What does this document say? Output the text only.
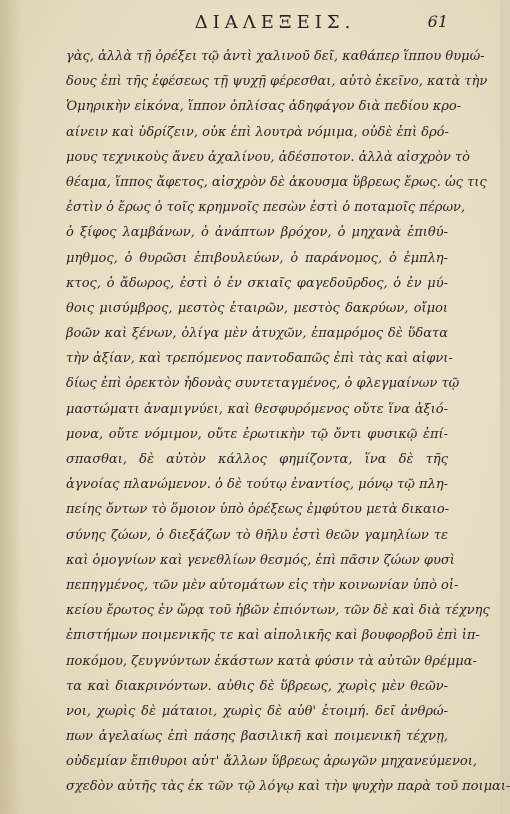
ΔΙΑΛΕΞΕΙΣ.	61
γὰς, ἀλλὰ τῇ ὀρέξει τῷ ἀντὶ χαλινοῦ δεῖ, καθάπερ ἵππου θυμώ-
δους ἐπὶ τῆς ἐφέσεως τῇ ψυχῇ φέρεσθαι, αὐτὸ ἐκεῖνο, κατὰ τὴν
Ὁμηρικὴν εἰκόνα, ἵππον ὁπλίσας ἀδηφάγον διὰ πεδίου κρο-
αίνειν καὶ ὑδρίζειν, οὐκ ἐπὶ λουτρὰ νόμιμα, οὐδὲ ἐπὶ δρό-
μους τεχνικοὺς ἄνευ ἀχαλίνου, ἀδέσποτον. ἀλλὰ αἰσχρὸν τὸ
θέαμα, ἵππος ἄφετος, αἰσχρὸν δὲ ἀκουσμα ὕβρεως ἔρως. ὡς τις
ἐστὶν ὁ ἔρως ὁ τοῖς κρημνοῖς πεσὼν ἐστὶ ὁ ποταμοῖς πέρων,
ὁ ξίφος λαμβάνων, ὁ ἀνάπτων βρόχον, ὁ μηχανὰ ἐπιθύ-
μηθμος, ὁ θυρῶσι ἐπιβουλεύων, ὁ παράνομος, ὁ ἐμπλη-
κτος, ὁ ἄδωρος, ἐστὶ ὁ ἐν σκιαῖς φαγεδοῦρδος, ὁ ἐν μύ-
θοις μισύμβρος, μεστὸς ἑταιρῶν, μεστὸς δακρύων, οἴμοι
βοῶν καὶ ξένων, ὀλίγα μὲν ἀτυχῶν, ἐπαμρόμος δὲ ὕδατα
τὴν ἀξίαν, καὶ τρεπόμενος παντοδαπῶς ἐπὶ τὰς καὶ αἰφνι-
δίως ἐπὶ ὀρεκτὸν ἡδονὰς συντεταγμένος, ὁ φλεγμαίνων τῷ
μαστώματι ἀναμιγνύει, καὶ θεσφυρόμενος οὔτε ἵνα ἀξιό-
μονα, οὔτε νόμιμον, οὔτε ἐρωτικὴν τῷ ὄντι φυσικῷ ἐπί-
σπασθαι, δὲ αὐτὸν κάλλος φημίζοντα, ἵνα δὲ τῆς
ἀγνοίας πλανώμενον. ὁ δὲ τούτῳ ἐναντίος, μόνῳ τῷ πλη-
πείης ὄντων τὸ ὅμοιον ὑπὸ ὀρέξεως ἐμφύτου μετὰ δικαιο-
σύνης ζώων, ὁ διεξάζων τὸ θῆλυ ἐστὶ θεῶν γαμηλίων τε
καὶ ὁμογνίων καὶ γενεθλίων θεσμός, ἐπὶ πᾶσιν ζώων φυσὶ
πεπηγμένος, τῶν μὲν αὐτομάτων εἰς τὴν κοινωνίαν ὑπὸ οἰ-
κείου ἔρωτος ἐν ὥρᾳ τοῦ ἡβῶν ἐπιόντων, τῶν δὲ καὶ διὰ τέχνης
ἐπιστήμων ποιμενικῆς τε καὶ αἰπολικῆς καὶ βουφορβοῦ ἐπὶ ἱπ-
ποκόμου, ζευγνύντων ἑκάστων κατὰ φύσιν τὰ αὐτῶν θρέμμα-
τα καὶ διακρινόντων. αὐθις δὲ ὕβρεως, χωρὶς μὲν θεῶν-
νοι, χωρὶς δὲ μάταιοι, χωρὶς δὲ αὐθ' ἑτοιμή. δεῖ ἀνθρώ-
πων ἀγελαίως ἐπὶ πάσης βασιλικῆ καὶ ποιμενικῆ τέχνῃ,
οὐδεμίαν ἔπιθυροι αὐτ' ἄλλων ὕβρεως ἀρωγῶν μηχανεύμενοι,
σχεδὸν αὐτῆς τὰς ἐκ τῶν τῷ λόγῳ καὶ τὴν ψυχὴν παρὰ τοῦ ποιμαι-
